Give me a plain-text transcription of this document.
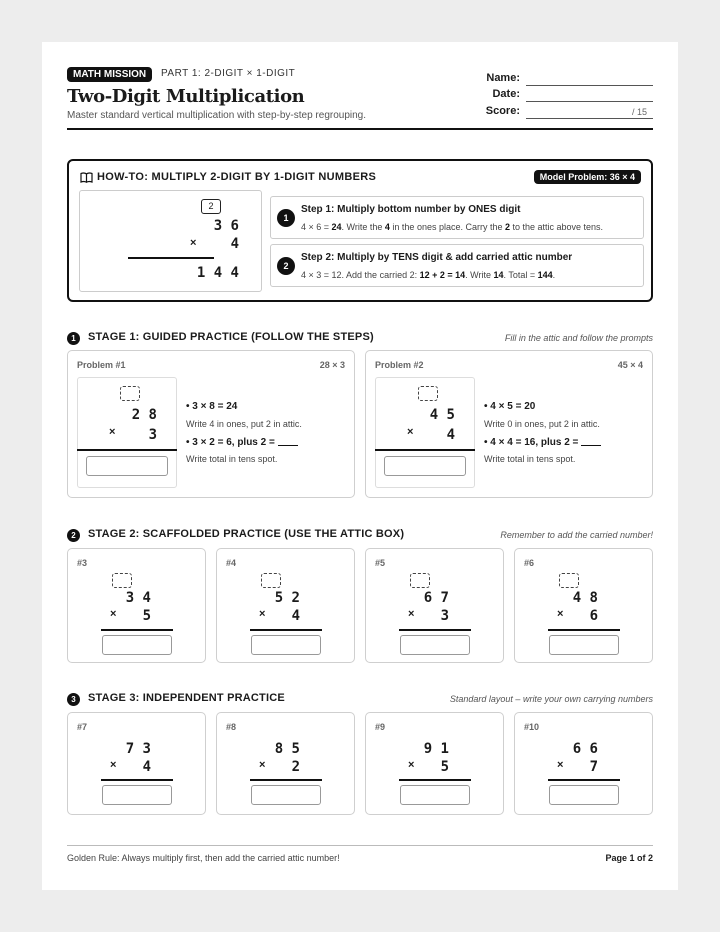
MATH MISSION	PART 1: 2-DIGIT × 1-DIGIT
Two-Digit Multiplication
Master standard vertical multiplication with step-by-step regrouping.
Name:
Date:
Score:	/ 15
HOW-TO: MULTIPLY 2-DIGIT BY 1-DIGIT NUMBERS	Model Problem: 36 × 4
2
3 6
× 4
1 4 4
1
Step 1: Multiply bottom number by ONES digit
4 × 6 = 24. Write the 4 in the ones place. Carry the 2 to the attic above tens.
2
Step 2: Multiply by TENS digit & add carried attic number
4 × 3 = 12. Add the carried 2: 12 + 2 = 14. Write 14. Total = 144.
1	STAGE 1: GUIDED PRACTICE (FOLLOW THE STEPS)	Fill in the attic and follow the prompts
Problem #1	28 × 3
2 8
× 3
• 3 × 8 = 24
Write 4 in ones, put 2 in attic.
• 3 × 2 = 6, plus 2 =
Write total in tens spot.
Problem #2	45 × 4
4 5
× 4
• 4 × 5 = 20
Write 0 in ones, put 2 in attic.
• 4 × 4 = 16, plus 2 =
Write total in tens spot.
2	STAGE 2: SCAFFOLDED PRACTICE (USE THE ATTIC BOX)	Remember to add the carried number!
#3
3 4
× 5
#4
5 2
× 4
#5
6 7
× 3
#6
4 8
× 6
3	STAGE 3: INDEPENDENT PRACTICE	Standard layout – write your own carrying numbers
#7
7 3
× 4
#8
8 5
× 2
#9
9 1
× 5
#10
6 6
× 7
Golden Rule: Always multiply first, then add the carried attic number!	Page 1 of 2
